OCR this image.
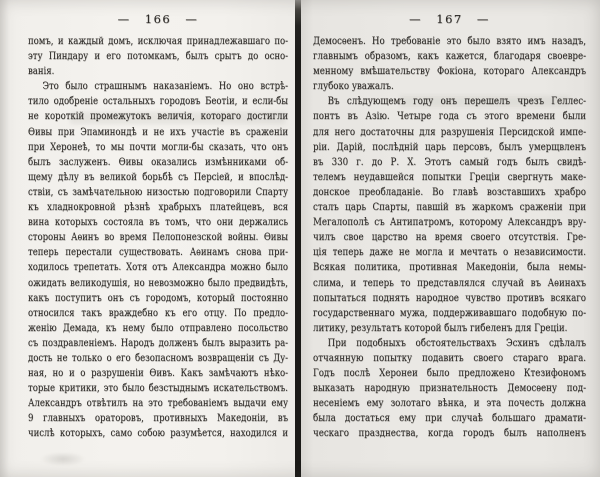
— 166 —	— 167 —
помъ, и каждый домъ, исключая принадлежавшаго по-
эту Пиндару и его потомкамъ, былъ срытъ до осно-
ванія.
Это было страшнымъ наказаніемъ. Но оно встрѣ-
тило одобреніе остальныхъ городовъ Беотіи, и если-бы
не короткій промежутокъ величія, котораго достигли
Ѳивы при Эпаминондѣ и не ихъ участіе въ сраженіи
при Херонеѣ, то мы почти могли-бы сказать, что онъ
былъ заслуженъ. Ѳивы оказались измѣнниками об-
щему дѣлу въ великой борьбѣ съ Персіей, и впослѣд-
ствіи, съ замѣчательною низостью подговорили Спарту
къ хладнокровной рѣзнѣ храбрыхъ платейцевъ, вся
вина которыхъ состояла въ томъ, что они держались
стороны Аѳинъ во время Пелопонезской войны. Ѳивы
теперь перестали существовать. Аѳинамъ снова при-
ходилось трепетать. Хотя отъ Александра можно было
ожидать великодушія, но невозможно было предвидѣть,
какъ поступитъ онъ съ городомъ, который постоянно
относился такъ враждебно къ его отцу. По предло-
женію Демада, къ нему было отправлено посольство
съ поздравленіемъ. Народъ долженъ былъ выразить ра-
дость не только о его безопасномъ возвращеніи съ Ду-
ная, но и о разрушеніи Ѳивъ. Какъ замѣчаютъ нѣко-
торые критики, это было безстыднымъ искательствомъ.
Александръ отвѣтилъ на это требованіемъ выдачи ему
9 главныхъ ораторовъ, противныхъ Македоніи, въ
числѣ которыхъ, само собою разумѣется, находился и
Демосѳенъ. Но требованіе это было взято имъ назадъ,
главнымъ образомъ, какъ кажется, благодаря своевре-
менному вмѣшательству Фокіона, котораго Александръ
глубоко уважалъ.
Въ слѣдующемъ году онъ перешелъ чрезъ Геллес-
понтъ въ Азію. Четыре года съ этого времени были
для него достаточны для разрушенія Персидской импе-
ріи. Дарій, послѣдній царь персовъ, былъ умерщвленъ
въ 330 г. до Р. Х. Этотъ самый годъ былъ свидѣ-
телемъ неудавшейся попытки Греціи свергнуть маке-
донское преобладаніе. Во главѣ возставшихъ храбро
сталъ царь Спарты, павшій въ жаркомъ сраженіи при
Мегалополѣ съ Антипатромъ, которому Александръ вру-
чилъ свое царство на время своего отсутствія. Гре-
ція теперь даже не могла и мечтать о независимости.
Всякая политика, противная Македоніи, была немы-
слима, и теперь то представлялся случай въ Аѳинахъ
попытаться поднять народное чувство противъ всякаго
государственнаго мужа, поддерживавшаго подобную по-
литику, результатъ которой былъ гибеленъ для Греціи.
При подобныхъ обстоятельствахъ Эсхинъ сдѣлалъ
отчаянную попытку подавить своего стараго врага.
Годъ послѣ Херонеи было предложено Ктезифономъ
выказать народную признательность Демосѳену под-
несеніемъ ему золотаго вѣнка, и эта почесть должна
была достаться ему при случаѣ большаго драмати-
ческаго празднества, когда городъ былъ наполненъ
